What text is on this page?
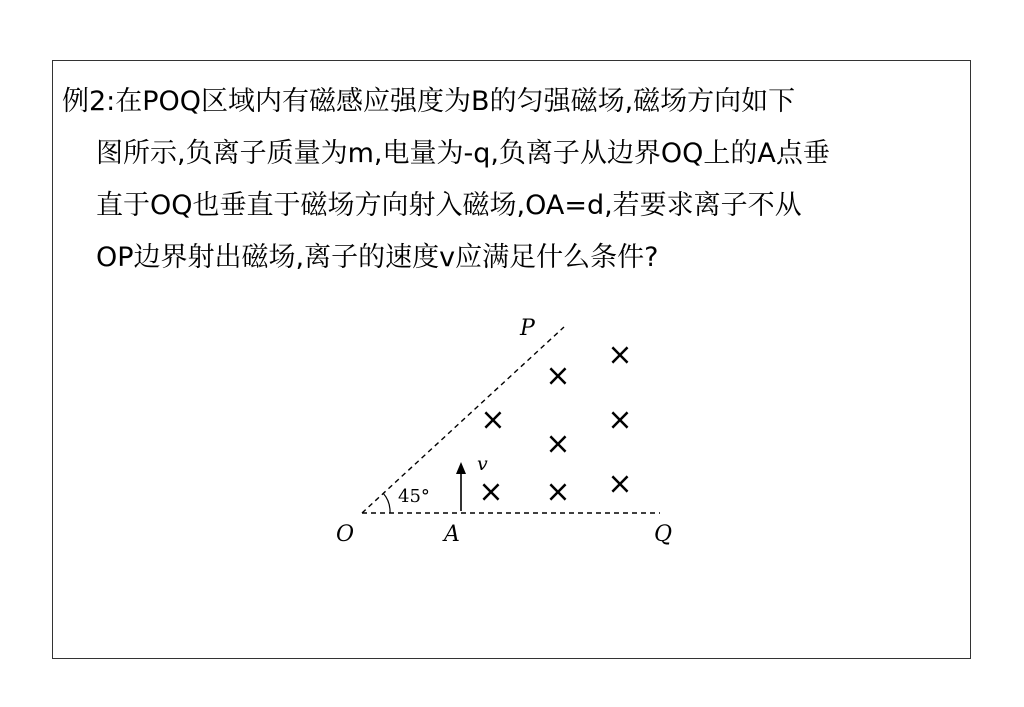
例2:在POQ区域内有磁感应强度为B的匀强磁场,磁场方向如下
图所示,负离子质量为m,电量为-q,负离子从边界OQ上的A点垂
直于OQ也垂直于磁场方向射入磁场,OA=d,若要求离子不从
OP边界射出磁场,离子的速度v应满足什么条件?
45°
v
×
×
×	×
×
× × ×
P
O	A	Q
